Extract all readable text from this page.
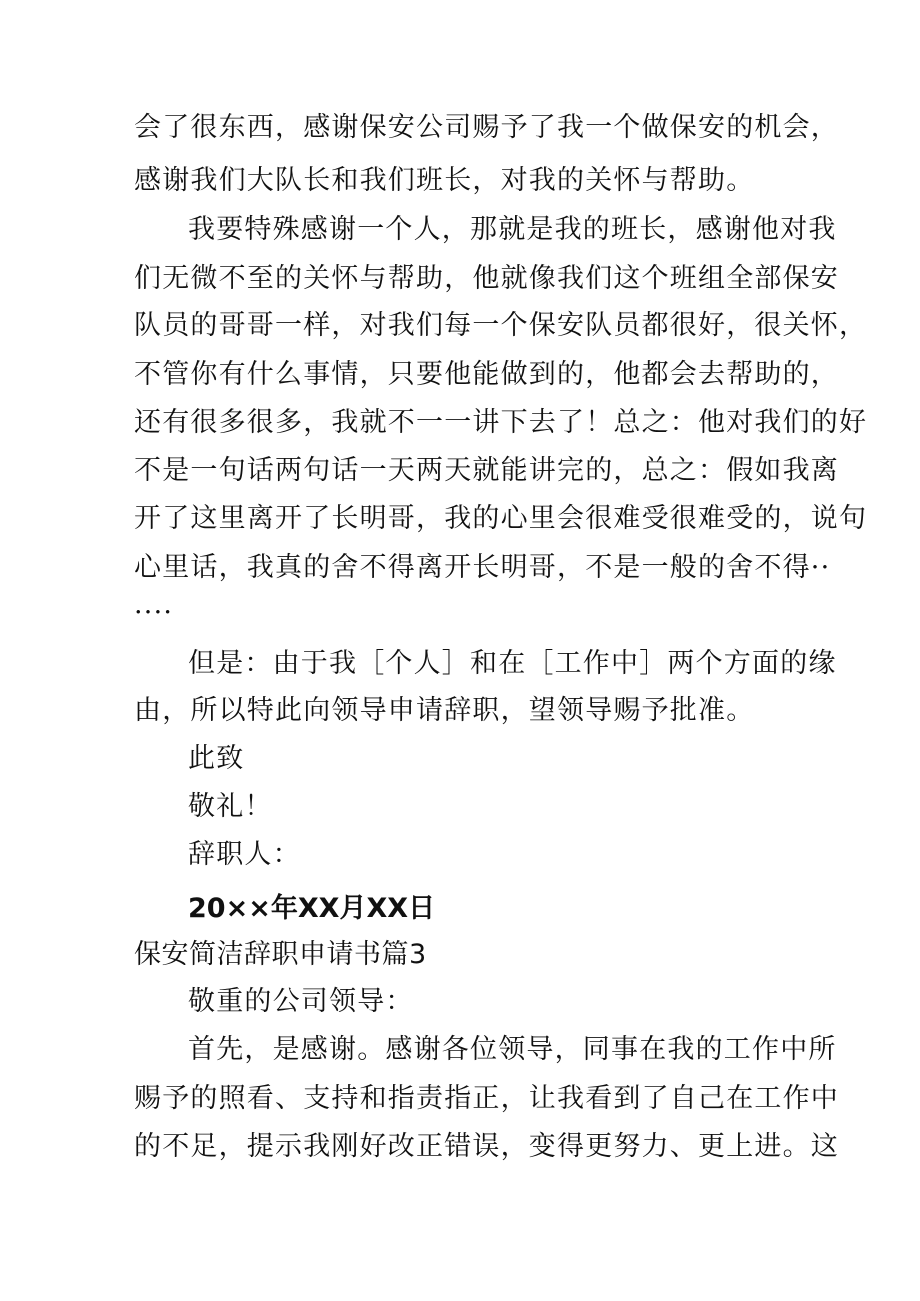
会了很东西，感谢保安公司赐予了我一个做保安的机会，

感谢我们大队长和我们班长，对我的关怀与帮助。

我要特殊感谢一个人，那就是我的班长，感谢他对我

们无微不至的关怀与帮助，他就像我们这个班组全部保安

队员的哥哥一样，对我们每一个保安队员都很好，很关怀，

不管你有什么事情，只要他能做到的，他都会去帮助的，

还有很多很多，我就不一一讲下去了！总之：他对我们的好

不是一句话两句话一天两天就能讲完的，总之：假如我离

开了这里离开了长明哥，我的心里会很难受很难受的，说句

心里话，我真的舍不得离开长明哥，不是一般的舍不得··

····

但是：由于我［个人］和在［工作中］两个方面的缘

由，所以特此向领导申请辞职，望领导赐予批准。

此致

敬礼！

辞职人：

20××年XX月XX日

保安简洁辞职申请书篇3

敬重的公司领导：

首先，是感谢。感谢各位领导，同事在我的工作中所

赐予的照看、支持和指责指正，让我看到了自己在工作中

的不足，提示我刚好改正错误，变得更努力、更上进。这
